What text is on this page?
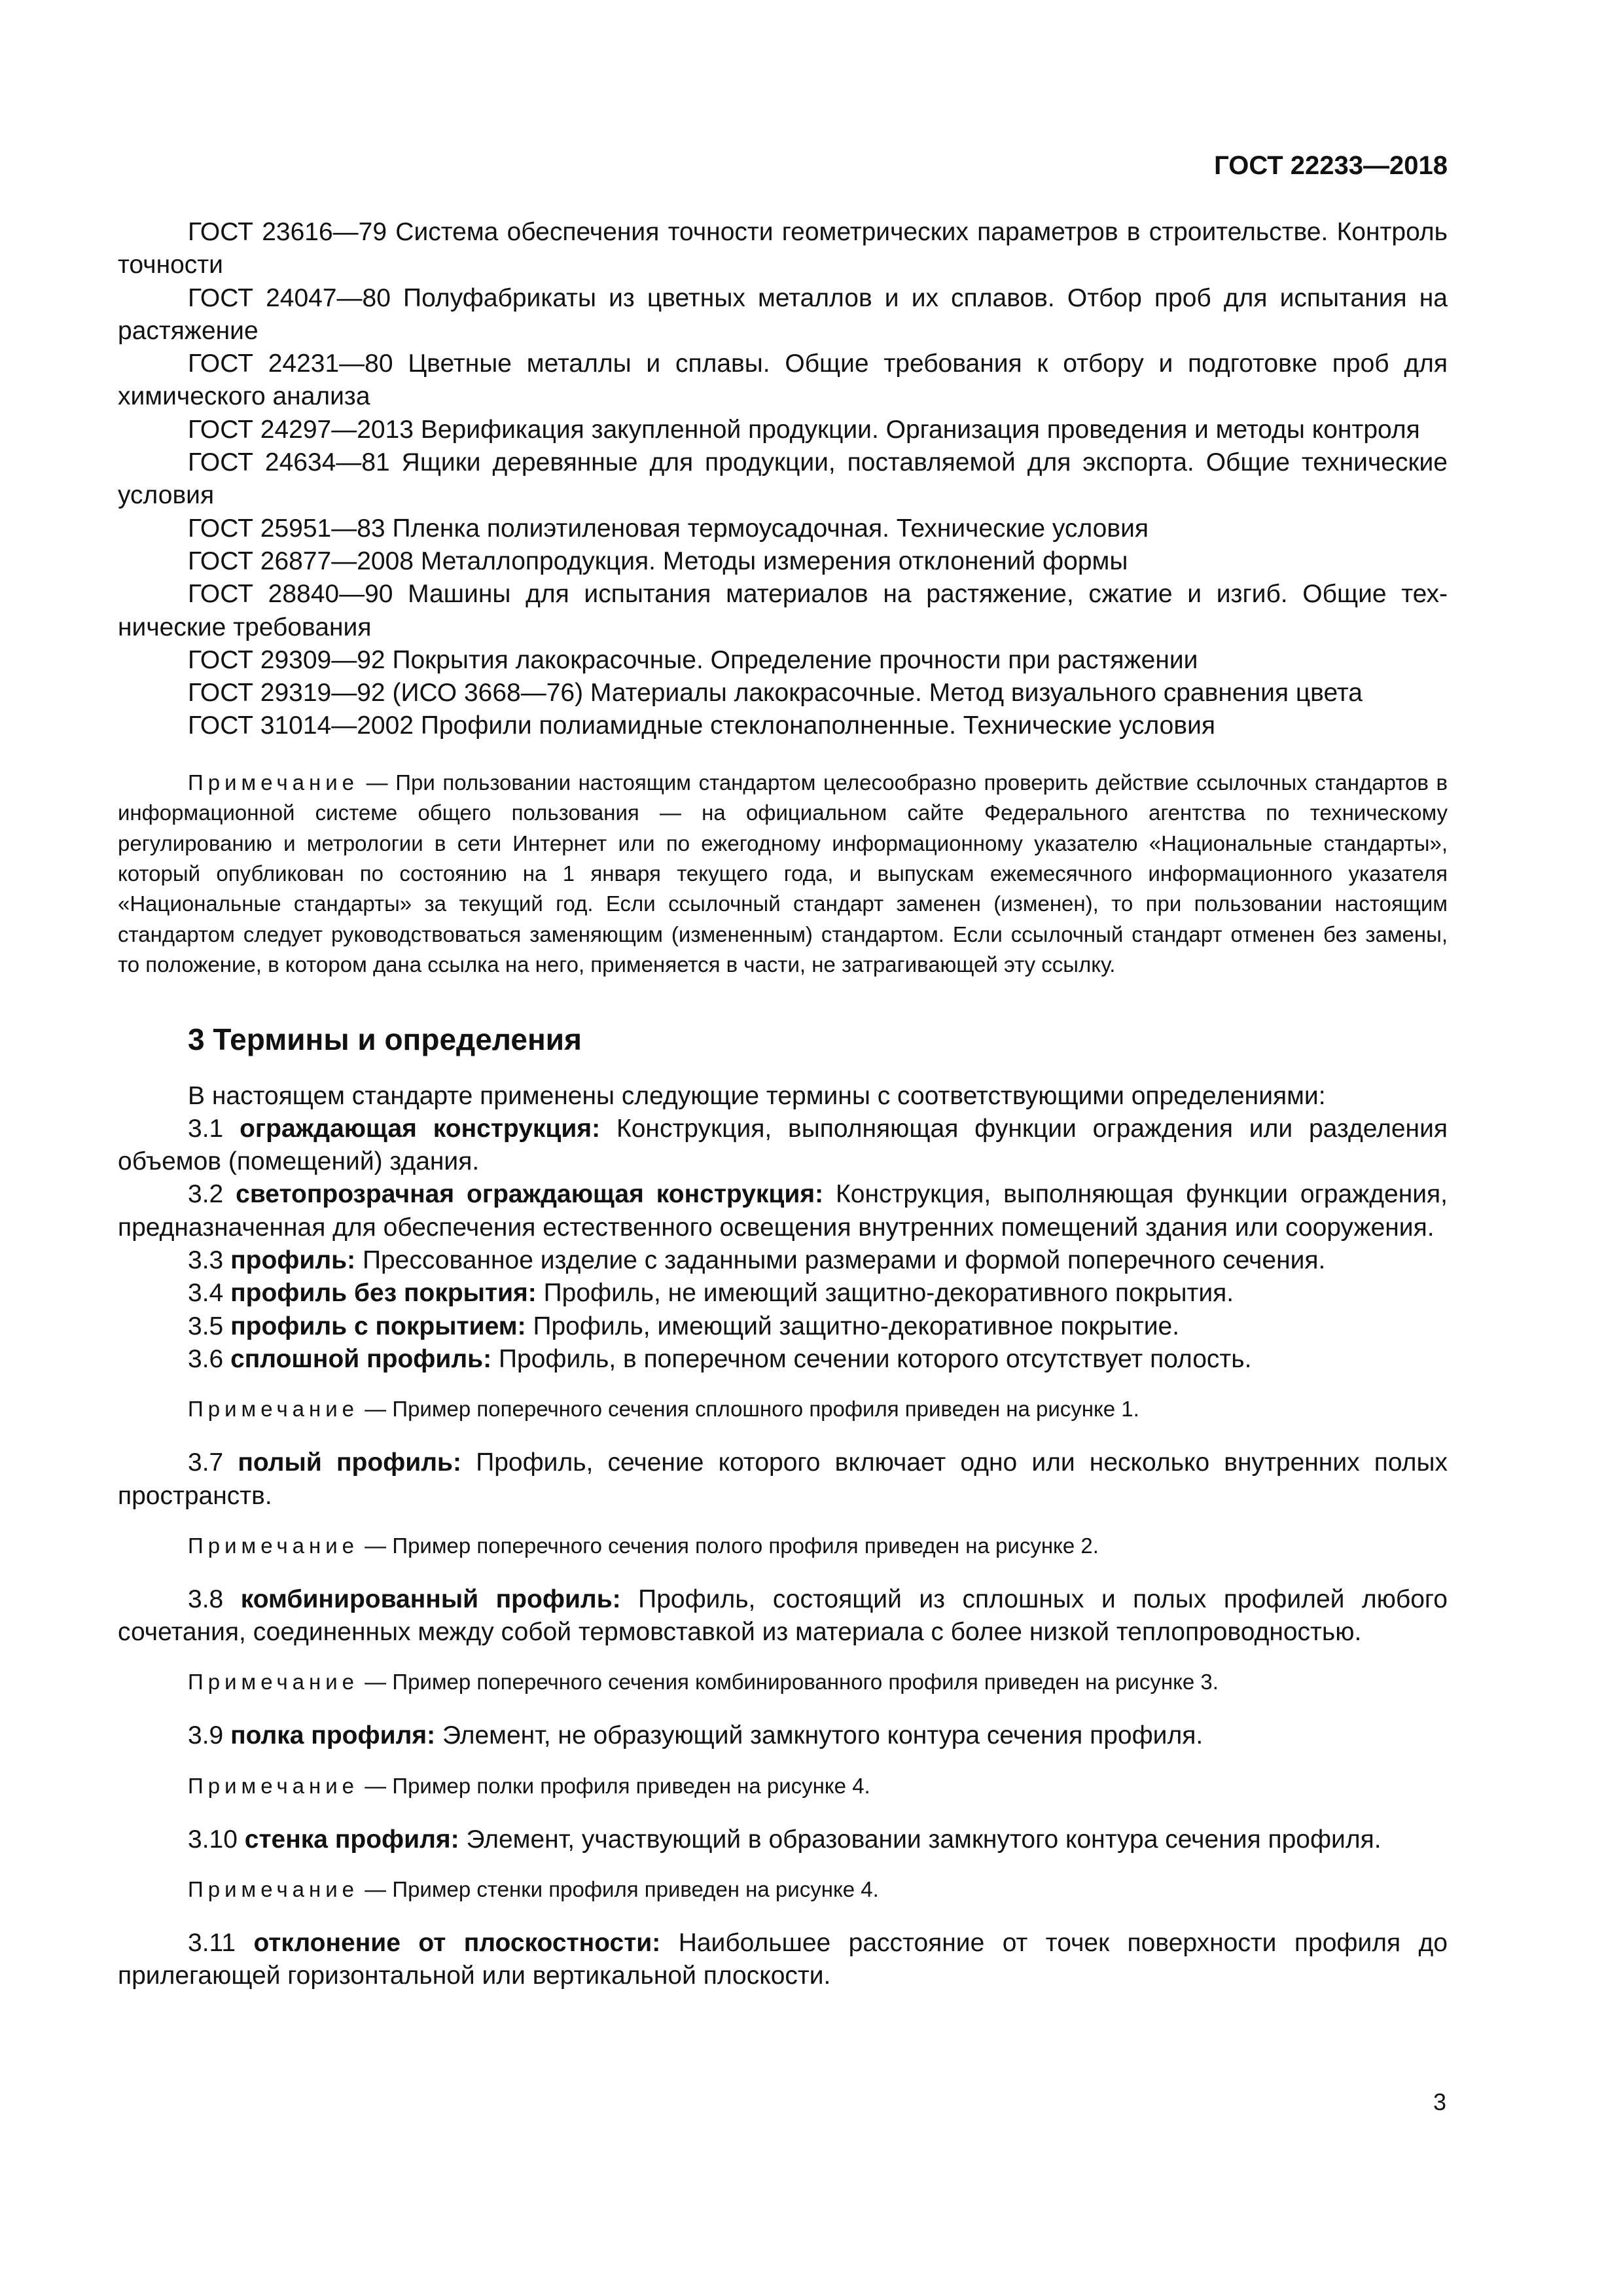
ГОСТ 22233—2018

ГОСТ 23616—79 Система обеспечения точности геометрических параметров в строительстве. Контроль точности

ГОСТ 24047—80 Полуфабрикаты из цветных металлов и их сплавов. Отбор проб для испытания на растяжение

ГОСТ 24231—80 Цветные металлы и сплавы. Общие требования к отбору и подготовке проб для химического анализа

ГОСТ 24297—2013 Верификация закупленной продукции. Организация проведения и методы контроля

ГОСТ 24634—81 Ящики деревянные для продукции, поставляемой для экспорта. Общие технические условия

ГОСТ 25951—83 Пленка полиэтиленовая термоусадочная. Технические условия

ГОСТ 26877—2008 Металлопродукция. Методы измерения отклонений формы

ГОСТ 28840—90 Машины для испытания материалов на растяжение, сжатие и изгиб. Общие технические требования

ГОСТ 29309—92 Покрытия лакокрасочные. Определение прочности при растяжении

ГОСТ 29319—92 (ИСО 3668—76) Материалы лакокрасочные. Метод визуального сравнения цвета

ГОСТ 31014—2002 Профили полиамидные стеклонаполненные. Технические условия

Примечание — При пользовании настоящим стандартом целесообразно проверить действие ссылочных стандартов в информационной системе общего пользования — на официальном сайте Федерального агентства по техническому регулированию и метрологии в сети Интернет или по ежегодному информационному указателю «Национальные стандарты», который опубликован по состоянию на 1 января текущего года, и выпускам ежемесячного информационного указателя «Национальные стандарты» за текущий год. Если ссылочный стандарт заменен (изменен), то при пользовании настоящим стандартом следует руководствоваться заменяющим (измененным) стандартом. Если ссылочный стандарт отменен без замены, то положение, в котором дана ссылка на него, применяется в части, не затрагивающей эту ссылку.

3 Термины и определения

В настоящем стандарте применены следующие термины с соответствующими определениями:

3.1 ограждающая конструкция: Конструкция, выполняющая функции ограждения или разделения объемов (помещений) здания.

3.2 светопрозрачная ограждающая конструкция: Конструкция, выполняющая функции ограждения, предназначенная для обеспечения естественного освещения внутренних помещений здания или сооружения.

3.3 профиль: Прессованное изделие с заданными размерами и формой поперечного сечения.

3.4 профиль без покрытия: Профиль, не имеющий защитно-декоративного покрытия.

3.5 профиль с покрытием: Профиль, имеющий защитно-декоративное покрытие.

3.6 сплошной профиль: Профиль, в поперечном сечении которого отсутствует полость.

Примечание — Пример поперечного сечения сплошного профиля приведен на рисунке 1.

3.7 полый профиль: Профиль, сечение которого включает одно или несколько внутренних полых пространств.

Примечание — Пример поперечного сечения полого профиля приведен на рисунке 2.

3.8 комбинированный профиль: Профиль, состоящий из сплошных и полых профилей любого сочетания, соединенных между собой термовставкой из материала с более низкой теплопроводностью.

Примечание — Пример поперечного сечения комбинированного профиля приведен на рисунке 3.

3.9 полка профиля: Элемент, не образующий замкнутого контура сечения профиля.

Примечание — Пример полки профиля приведен на рисунке 4.

3.10 стенка профиля: Элемент, участвующий в образовании замкнутого контура сечения профиля.

Примечание — Пример стенки профиля приведен на рисунке 4.

3.11 отклонение от плоскостности: Наибольшее расстояние от точек поверхности профиля до прилегающей горизонтальной или вертикальной плоскости.

3
